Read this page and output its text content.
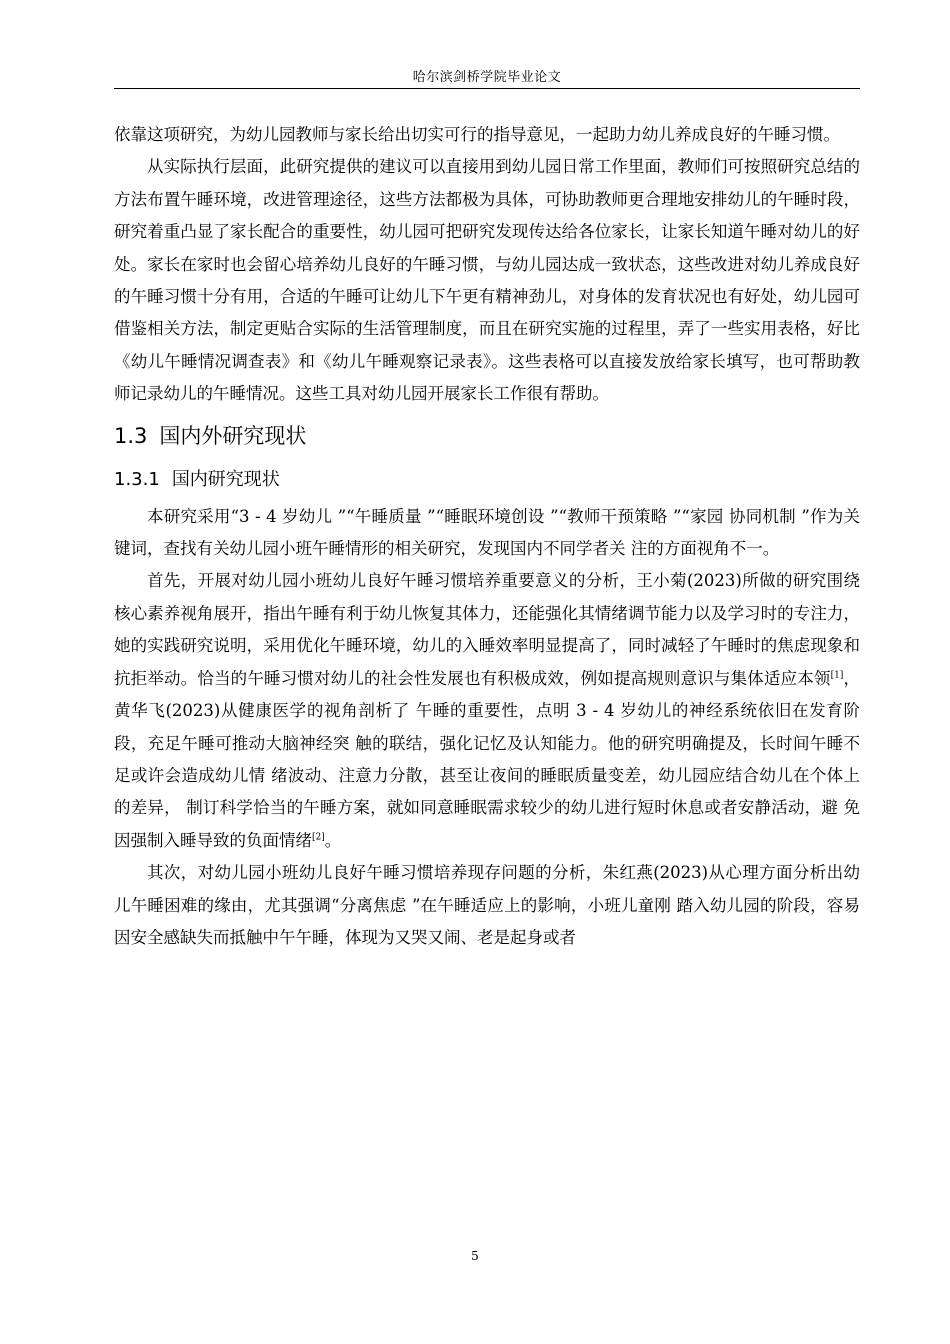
哈尔滨剑桥学院毕业论文

依靠这项研究，为幼儿园教师与家长给出切实可行的指导意见，一起助力幼儿养成良好的午睡习惯。

从实际执行层面，此研究提供的建议可以直接用到幼儿园日常工作里面，教师们可按照研究总结的方法布置午睡环境，改进管理途径，这些方法都极为具体，可协助教师更合理地安排幼儿的午睡时段，研究着重凸显了家长配合的重要性，幼儿园可把研究发现传达给各位家长，让家长知道午睡对幼儿的好处。家长在家时也会留心培养幼儿良好的午睡习惯，与幼儿园达成一致状态，这些改进对幼儿养成良好的午睡习惯十分有用，合适的午睡可让幼儿下午更有精神劲儿，对身体的发育状况也有好处，幼儿园可借鉴相关方法，制定更贴合实际的生活管理制度，而且在研究实施的过程里，弄了一些实用表格，好比《幼儿午睡情况调查表》和《幼儿午睡观察记录表》。这些表格可以直接发放给家长填写，也可帮助教师记录幼儿的午睡情况。这些工具对幼儿园开展家长工作很有帮助。

1.3 国内外研究现状
1.3.1 国内研究现状

本研究采用“3 - 4 岁幼儿 ”“午睡质量 ”“睡眠环境创设 ”“教师干预策略 ”“家园 协同机制 ”作为关键词，查找有关幼儿园小班午睡情形的相关研究，发现国内不同学者关 注的方面视角不一。

首先，开展对幼儿园小班幼儿良好午睡习惯培养重要意义的分析，王小菊(2023)所做的研究围绕核心素养视角展开，指出午睡有利于幼儿恢复其体力，还能强化其情绪调节能力以及学习时的专注力，她的实践研究说明，采用优化午睡环境，幼儿的入睡效率明显提高了，同时减轻了午睡时的焦虑现象和抗拒举动。恰当的午睡习惯对幼儿的社会性发展也有积极成效，例如提高规则意识与集体适应本领[1]，黄华飞(2023)从健康医学的视角剖析了 午睡的重要性，点明 3 - 4 岁幼儿的神经系统依旧在发育阶段，充足午睡可推动大脑神经突 触的联结，强化记忆及认知能力。他的研究明确提及，长时间午睡不足或许会造成幼儿情 绪波动、注意力分散，甚至让夜间的睡眠质量变差，幼儿园应结合幼儿在个体上的差异， 制订科学恰当的午睡方案，就如同意睡眠需求较少的幼儿进行短时休息或者安静活动，避 免因强制入睡导致的负面情绪[2]。

其次，对幼儿园小班幼儿良好午睡习惯培养现存问题的分析，朱红燕(2023)从心理方面分析出幼儿午睡困难的缘由，尤其强调“分离焦虑 ”在午睡适应上的影响，小班儿童刚 踏入幼儿园的阶段，容易因安全感缺失而抵触中午午睡，体现为又哭又闹、老是起身或者

5
